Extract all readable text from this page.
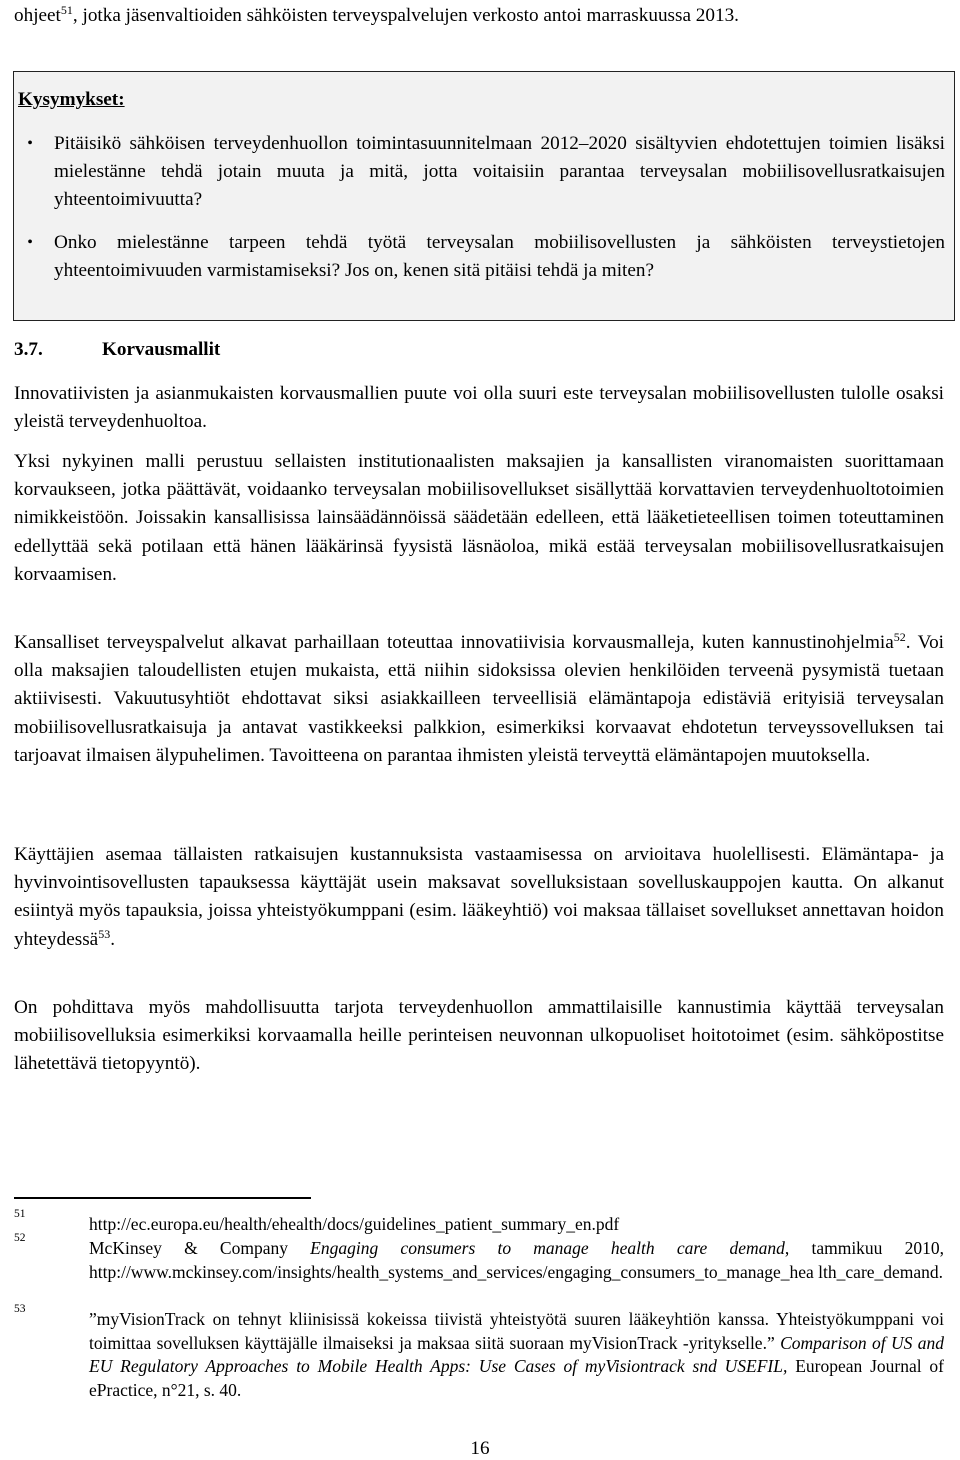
ohjeet$^{51}$, jotka jäsenvaltioiden sähköisten terveyspalvelujen verkosto antoi marraskuussa 2013.

Kysymykset:

• Pitäisikö sähköisen terveydenhuollon toimintasuunnitelmaan 2012–2020 sisältyvien ehdotettujen toimien lisäksi mielestänne tehdä jotain muuta ja mitä, jotta voitaisiin parantaa terveysalan mobiilisovellusratkaisujen yhteentoimivuutta?
• Onko mielestänne tarpeen tehdä työtä terveysalan mobiilisovellusten ja sähköisten terveystietojen yhteentoimivuuden varmistamiseksi? Jos on, kenen sitä pitäisi tehdä ja miten?

3.7.	Korvausmallit

Innovatiivisten ja asianmukaisten korvausmallien puute voi olla suuri este terveysalan mobiilisovellusten tulolle osaksi yleistä terveydenhuoltoa.

Yksi nykyinen malli perustuu sellaisten institutionaalisten maksajien ja kansallisten viranomaisten suorittamaan korvaukseen, jotka päättävät, voidaanko terveysalan mobiilisovellukset sisällyttää korvattavien terveydenhuoltotoimien nimikkeistöön. Joissakin kansallisissa lainsäädännöissä säädetään edelleen, että lääketieteellisen toimen toteuttaminen edellyttää sekä potilaan että hänen lääkärinsä fyysistä läsnäoloa, mikä estää terveysalan mobiilisovellusratkaisujen korvaamisen.

Kansalliset terveyspalvelut alkavat parhaillaan toteuttaa innovatiivisia korvausmalleja, kuten kannustinohjelmia$^{52}$. Voi olla maksajien taloudellisten etujen mukaista, että niihin sidoksissa olevien henkilöiden terveenä pysymistä tuetaan aktiivisesti. Vakuutusyhtiöt ehdottavat siksi asiakkailleen terveellisiä elämäntapoja edistäviä erityisiä terveysalan mobiilisovellusratkaisuja ja antavat vastikkeeksi palkkion, esimerkiksi korvaavat ehdotetun terveyssovelluksen tai tarjoavat ilmaisen älypuhelimen. Tavoitteena on parantaa ihmisten yleistä terveyttä elämäntapojen muutoksella.

Käyttäjien asemaa tällaisten ratkaisujen kustannuksista vastaamisessa on arvioitava huolellisesti. Elämäntapa- ja hyvinvointisovellusten tapauksessa käyttäjät usein maksavat sovelluksistaan sovelluskauppojen kautta. On alkanut esiintyä myös tapauksia, joissa yhteistyökumppani (esim. lääkeyhtiö) voi maksaa tällaiset sovellukset annettavan hoidon yhteydessä$^{53}$.

On pohdittava myös mahdollisuutta tarjota terveydenhuollon ammattilaisille kannustimia käyttää terveysalan mobiilisovelluksia esimerkiksi korvaamalla heille perinteisen neuvonnan ulkopuoliset hoitotoimet (esim. sähköpostitse lähetettävä tietopyyntö).

51	http://ec.europa.eu/health/ehealth/docs/guidelines_patient_summary_en.pdf
52	McKinsey & Company Engaging consumers to manage health care demand, tammikuu 2010, http://www.mckinsey.com/insights/health_systems_and_services/engaging_consumers_to_manage_hea lth_care_demand.
53	”myVisionTrack on tehnyt kliinisissä kokeissa tiivistä yhteistyötä suuren lääkeyhtiön kanssa. Yhteistyökumppani voi toimittaa sovelluksen käyttäjälle ilmaiseksi ja maksaa siitä suoraan myVisionTrack -yritykselle.” Comparison of US and EU Regulatory Approaches to Mobile Health Apps: Use Cases of myVisiontrack snd USEFIL, European Journal of ePractice, n°21, s. 40.
16
